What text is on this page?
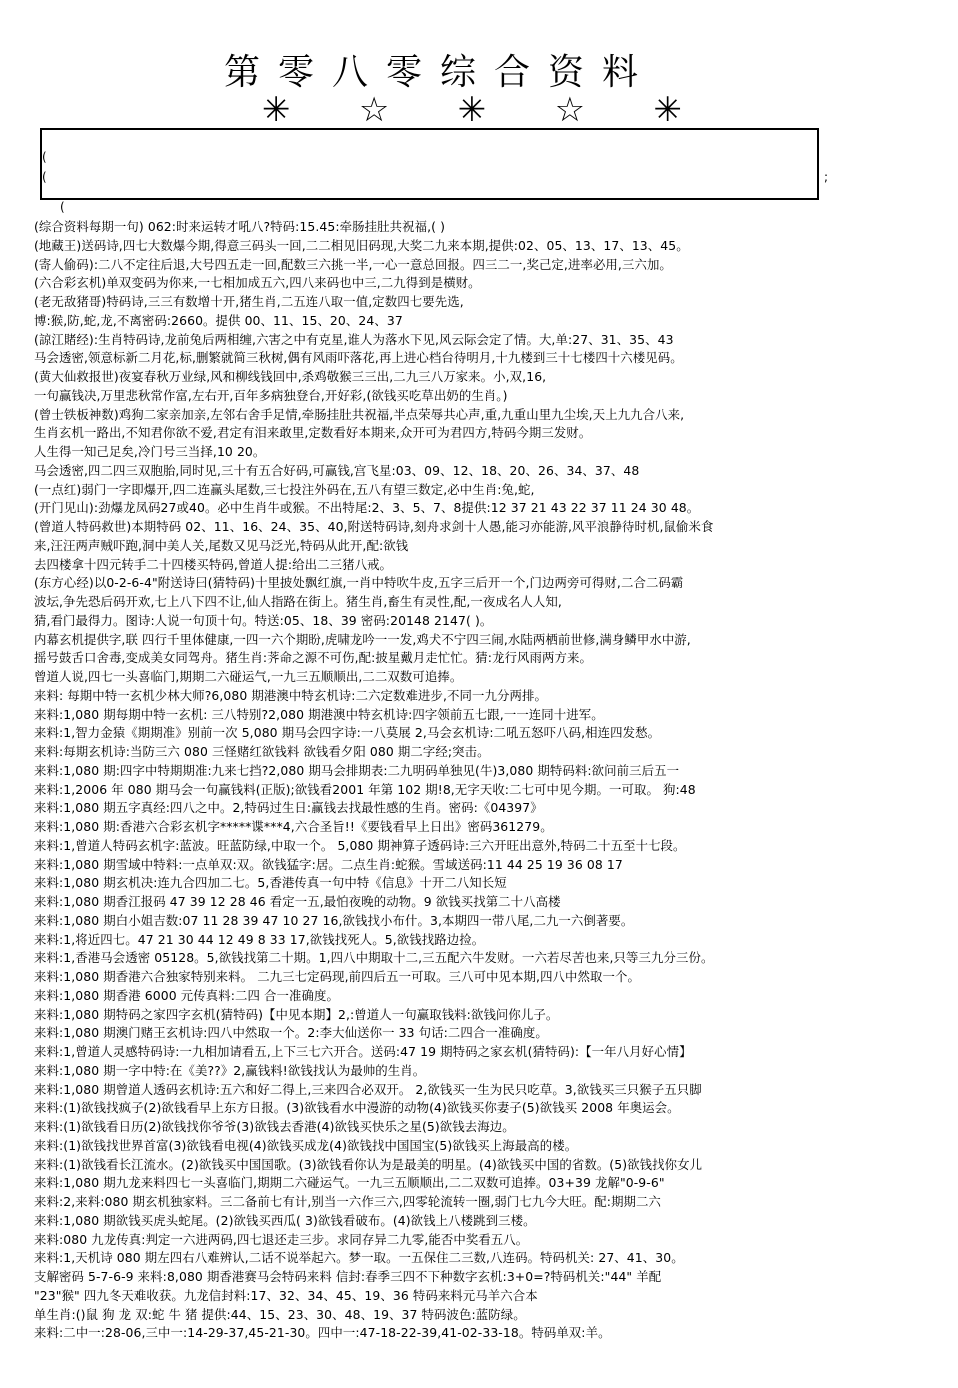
第零八零综合资料
✳ ☆ ✳ ☆ ✳
(
(	;
(
(综合资料每期一句) 062:时来运转才吼八?特码:15.45:牵肠挂肚共祝福,( )
(地藏王)送码诗,四七大数爆今期,得意三码头一回,二二相见旧码现,大奖二九来本期,提供:02、05、13、17、13、45。
(寄人偷码):二八不定往后退,大号四五走一回,配数三六挑一半,一心一意总回报。四三二一,奖己定,进率必用,三六加。
(六合彩玄机)单双变码为你来,一七相加成五六,四八来码也中三,二九得到是横财。
(老无敌猪哥)特码诗,三三有数增十开,猪生肖,二五连八取一值,定数四七要先选,
博:猴,防,蛇,龙,不离密码:2660。提供 00、11、15、20、24、37
(諒江賭经):生肖特码诗,龙前兔后两相缠,六害之中有克星,谁人为落水下见,风云际会定了情。大,单:27、31、35、43
马会透密,领意标新二月花,标,删繁就简三秋树,偶有风雨吓落花,再上进心档台待明月,十九楼到三十七楼四十六楼见码。
(黄大仙救报世)夜宴春秋万业绿,风和柳线钱回中,杀鸡敬猴三三出,二九三八万家来。小,双,16,
一句赢钱决,万里悲秋常作富,左右开,百年多病独登台,开好彩,(欲钱买吃草出奶的生肖。)
(曾士铁板神数)鸡狗二家亲加亲,左邻右舍手足情,牵肠挂肚共祝福,半点荣辱共心声,重,九重山里九尘埃,天上九九合八来,
生肖玄机一路出,不知君你欲不爱,君定有泪来敢里,定数看好本期来,众开可为君四方,特码今期三发财。
人生得一知己足矣,冷门号三当择,10 20。
马会透密,四二四三双胞胎,同时见,三十有五合好码,可赢钱,宫飞星:03、09、12、18、20、26、34、37、48
(一点红)弱门一字即爆开,四二连赢头尾数,三七投注外码在,五八有望三数定,必中生肖:兔,蛇,
(开门见山):劲爆龙凤码27或40。必中生肖牛或猴。不出特尾:2、3、5、7、8提供:12 37 21 43 22 37 11 24 30 48。
(曾道人特码救世)本期特码 02、11、16、24、35、40,附送特码诗,刻舟求剑十人愚,能习亦能游,风平浪静待时机,鼠偷米食
来,汪汪两声贼吓跑,洞中美人关,尾数又见马泛光,特码从此开,配:欲钱
去四楼拿十四元转手二十四楼买特码,曾道人提:给出二三猪八戒。
(东方心经)以0-2-6-4"附送诗曰(猜特码)十里披处飘红旗,一肖中特吹牛皮,五字三后开一个,门边两旁可得财,二合二码霸
波坛,争先恐后码开欢,七上八下四不让,仙人指路在街上。猪生肖,畜生有灵性,配,一夜成名人人知,
猜,看门最得力。图诗:人说一句顶十句。特送:05、18、39 密码:20148 2147( )。
内幕玄机提供字,联 四行千里体健康,一四一六个期盼,虎啸龙吟一一发,鸡犬不宁四三闹,水陆两栖前世修,满身鳞甲水中游,
摇号鼓舌口舍毒,变成美女同驾舟。猪生肖:荠命之源不可伤,配:披星戴月走忙忙。猜:龙行风雨两方来。
曾道人说,四七一头喜临门,期期二六碰运气,一九三五顺顺出,二二双数可追捧。
来料: 每期中特一玄机少林大师?6,080 期港澳中特玄机诗:二六定数难进步,不同一九分两排。
来料:1,080 期每期中特一玄机: 三八特别?2,080 期港澳中特玄机诗:四字领前五七跟,一一连同十进军。
来料:1,智力金猿《期期准》别前一次 5,080 期马会四字诗:一八莫展 2,马会玄机诗:二吼五怒吓八码,相连四发愁。
来料:每期玄机诗:当防三六 080 三怪赌红欲钱料 欲钱看夕阳 080 期二字经;突击。
来料:1,080 期:四字中特期期准:九来七挡?2,080 期马会排期表:二九明码单独见(牛)3,080 期特码料:欲问前三后五一
来料:1,2006 年 080 期马会一句赢钱料(正版);欲钱看2001 年第 102 期!8,无字天收:二七可中见今期。一可取。 狗:48
来料:1,080 期五字真经:四八之中。2,特码过生日:赢钱去找最性感的生肖。密码:《04397》
来料:1,080 期:香港六合彩玄机字*****谍***4,六合圣旨!!《要钱看早上日出》密码361279。
来料:1,曾道人特码玄机字:蓝波。旺蓝防绿,中取一个。 5,080 期神算子透码诗:三六开旺出意外,特码二十五至十七段。
来料:1,080 期雪域中特料:一点单双:双。欲钱猛字:居。二点生肖:蛇猴。雪域送码:11 44 25 19 36 08 17
来料:1,080 期玄机决:连九合四加二七。5,香港传真一句中特《信息》十开二八知长短
来料:1,080 期香江报码 47 39 12 28 46 看定一五,最怕夜晚的动物。9 欲钱买找第二十八高楼
来料:1,080 期白小姐吉数:07 11 28 39 47 10 27 16,欲钱找小布什。3,本期四一带八尾,二九一六倒著要。
来料:1,将近四七。47 21 30 44 12 49 8 33 17,欲钱找死人。5,欲钱找路边捡。
来料:1,香港马会透密 05128。5,欲钱找第二十期。1,四八中期取十二,三五配六牛发财。一六若尽苦也来,只等三九分三份。
来料:1,080 期香港六合独家特别来料。 二九三七定码现,前四后五一可取。三八可中见本期,四八中然取一个。
来料:1,080 期香港 6000 元传真料:二四 合一准确度。
来料:1,080 期特码之家四字玄机(猜特码)【中见本期】2,:曾道人一句赢取钱料:欲钱问你儿子。
来料:1,080 期澳门赌王玄机诗:四八中然取一个。2:李大仙送你一 33 句话:二四合一准确度。
来料:1,曾道人灵感特码诗:一九相加请看五,上下三七六开合。送码:47 19 期特码之家玄机(猜特码):【一年八月好心情】
来料:1,080 期一字中特:在《美??》2,赢钱料!欲钱找认为最帅的生肖。
来料:1,080 期曾道人透码玄机诗:五六和好二得上,三来四合必双开。 2,欲钱买一生为民只吃草。3,欲钱买三只猴子五只脚
来料:(1)欲钱找疯子(2)欲钱看早上东方日报。(3)欲钱看水中漫游的动物(4)欲钱买你妻子(5)欲钱买 2008 年奥运会。
来料:(1)欲钱看日历(2)欲钱找你爷爷(3)欲钱去香港(4)欲钱买快乐之星(5)欲钱去海边。
来料:(1)欲钱找世界首富(3)欲钱看电视(4)欲钱买成龙(4)欲钱找中国国宝(5)欲钱买上海最高的楼。
来料:(1)欲钱看长江流水。(2)欲钱买中国国歌。(3)欲钱看你认为是最美的明星。(4)欲钱买中国的省数。(5)欲钱找你女儿
来料:1,080 期九龙来料四七一头喜临门,期期二六碰运气。一九三五顺顺出,二二双数可追捧。03+39 龙解"0-9-6"
来料:2,来料:080 期玄机独家料。三二备前七有计,别当一六作三六,四零轮流转一圈,弱门七九今大旺。配:期期二六
来料:1,080 期欲钱买虎头蛇尾。(2)欲钱买西瓜( 3)欲钱看破布。(4)欲钱上八楼跳到三楼。
来料:080 九龙传真:判定一六进两码,四七退还走三步。求同存异二九零,能否中奖看五八。
来料:1,天机诗 080 期左四右八难辨认,二话不说举起六。梦一取。一五保住二三数,八连码。特码机关: 27、41、30。
支解密码 5-7-6-9 来料:8,080 期香港赛马会特码来料 信封:春季三四不下种数字玄机:3+0=?特码机关:"44" 羊配
"23"猴" 四九冬天难收获。九龙信封料:17、32、34、45、19、36 特码来料元马羊六合本
单生肖:()鼠 狗 龙 双:蛇 牛 猪 提供:44、15、23、30、48、19、37 特码波色:蓝防绿。
来料:二中一:28-06,三中一:14-29-37,45-21-30。四中一:47-18-22-39,41-02-33-18。特码单双:羊。
